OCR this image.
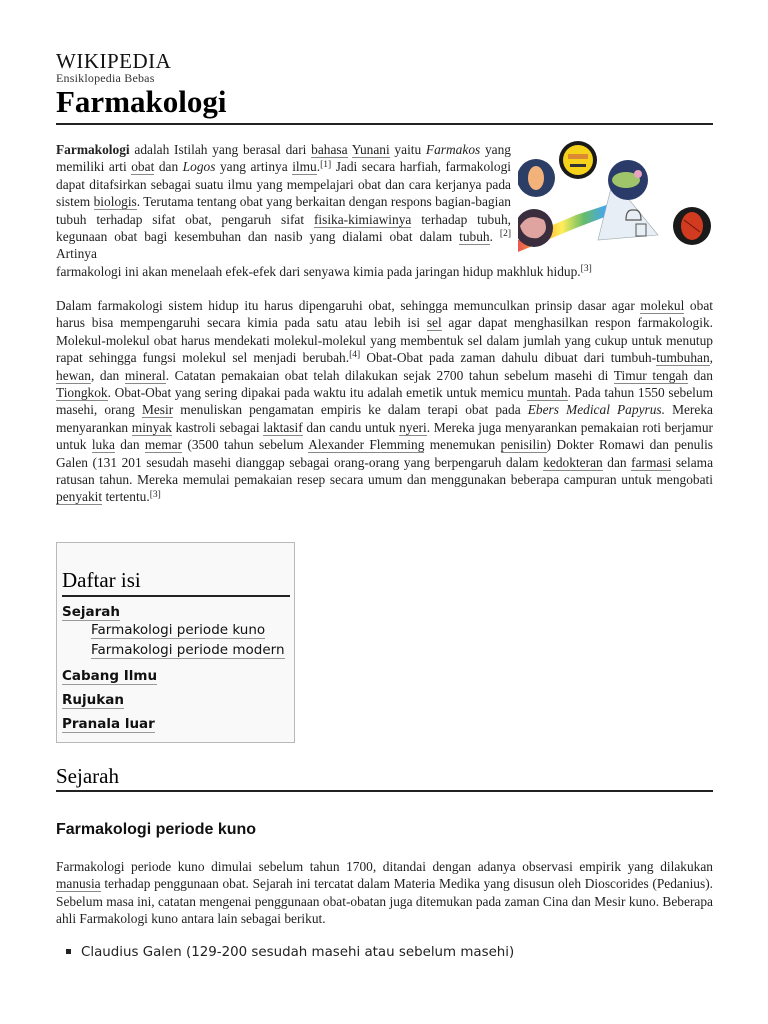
WIKIPEDIA
Ensiklopedia Bebas
Farmakologi
Farmakologi adalah Istilah yang berasal dari bahasa Yunani yaitu Farmakos yang memiliki arti obat dan Logos yang artinya ilmu.[1] Jadi secara harfiah, farmakologi dapat ditafsirkan sebagai suatu ilmu yang mempelajari obat dan cara kerjanya pada sistem biologis. Terutama tentang obat yang berkaitan dengan respons bagian-bagian tubuh terhadap sifat obat, pengaruh sifat fisika-kimiawinya terhadap tubuh, kegunaan obat bagi kesembuhan dan nasib yang dialami obat dalam tubuh. [2] Artinya
farmakologi ini akan menelaah efek-efek dari senyawa kimia pada jaringan hidup makhluk hidup.[3]
Dalam farmakologi sistem hidup itu harus dipengaruhi obat, sehingga memunculkan prinsip dasar agar molekul obat harus bisa mempengaruhi secara kimia pada satu atau lebih isi sel agar dapat menghasilkan respon farmakologik. Molekul-molekul obat harus mendekati molekul-molekul yang membentuk sel dalam jumlah yang cukup untuk menutup rapat sehingga fungsi molekul sel menjadi berubah.[4] Obat-Obat pada zaman dahulu dibuat dari tumbuh-tumbuhan, hewan, dan mineral. Catatan pemakaian obat telah dilakukan sejak 2700 tahun sebelum masehi di Timur tengah dan Tiongkok. Obat-Obat yang sering dipakai pada waktu itu adalah emetik untuk memicu muntah. Pada tahun 1550 sebelum masehi, orang Mesir menuliskan pengamatan empiris ke dalam terapi obat pada Ebers Medical Papyrus. Mereka menyarankan minyak kastroli sebagai laktasif dan candu untuk nyeri. Mereka juga menyarankan pemakaian roti berjamur untuk luka dan memar (3500 tahun sebelum Alexander Flemming menemukan penisilin) Dokter Romawi dan penulis Galen (131 201 sesudah masehi dianggap sebagai orang-orang yang berpengaruh dalam kedokteran dan farmasi selama ratusan tahun. Mereka memulai pemakaian resep secara umum dan menggunakan beberapa campuran untuk mengobati penyakit tertentu.[3]
Daftar isi
Sejarah
Farmakologi periode kuno
Farmakologi periode modern
Cabang Ilmu
Rujukan
Pranala luar
Sejarah
Farmakologi periode kuno
Farmakologi periode kuno dimulai sebelum tahun 1700, ditandai dengan adanya observasi empirik yang dilakukan manusia terhadap penggunaan obat. Sejarah ini tercatat dalam Materia Medika yang disusun oleh Dioscorides (Pedanius). Sebelum masa ini, catatan mengenai penggunaan obat-obatan juga ditemukan pada zaman Cina dan Mesir kuno. Beberapa ahli Farmakologi kuno antara lain sebagai berikut.
Claudius Galen (129-200 sesudah masehi atau sebelum masehi)
